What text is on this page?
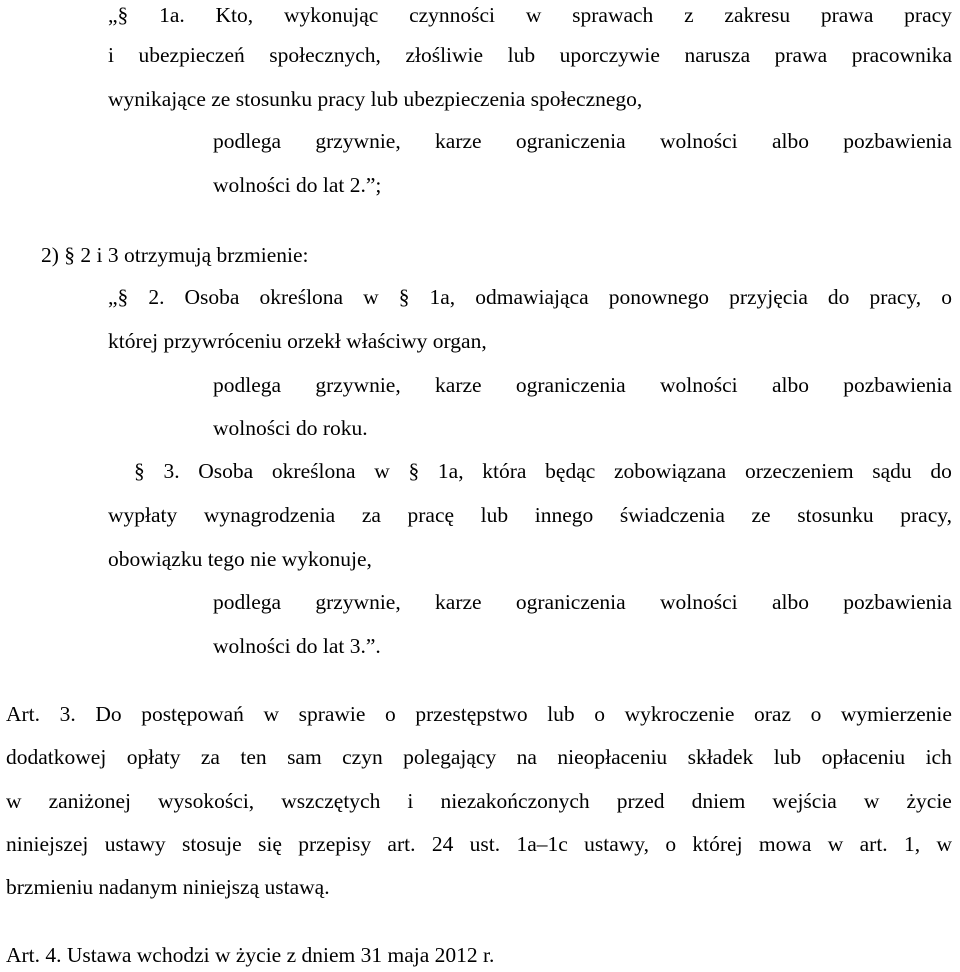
„§ 1a. Kto, wykonując czynności w sprawach z zakresu prawa pracy
i ubezpieczeń społecznych, złośliwie lub uporczywie narusza prawa pracownika
wynikające ze stosunku pracy lub ubezpieczenia społecznego,
podlega grzywnie, karze ograniczenia wolności albo pozbawienia
wolności do lat 2.”;
2) § 2 i 3 otrzymują brzmienie:
„§ 2. Osoba określona w § 1a, odmawiająca ponownego przyjęcia do pracy, o
której przywróceniu orzekł właściwy organ,
podlega grzywnie, karze ograniczenia wolności albo pozbawienia
wolności do roku.
§ 3. Osoba określona w § 1a, która będąc zobowiązana orzeczeniem sądu do
wypłaty wynagrodzenia za pracę lub innego świadczenia ze stosunku pracy,
obowiązku tego nie wykonuje,
podlega grzywnie, karze ograniczenia wolności albo pozbawienia
wolności do lat 3.”.
Art. 3. Do postępowań w sprawie o przestępstwo lub o wykroczenie oraz o wymierzenie
dodatkowej opłaty za ten sam czyn polegający na nieopłaceniu składek lub opłaceniu ich
w zaniżonej wysokości, wszczętych i niezakończonych przed dniem wejścia w życie
niniejszej ustawy stosuje się przepisy art. 24 ust. 1a–1c ustawy, o której mowa w art. 1, w
brzmieniu nadanym niniejszą ustawą.
Art. 4. Ustawa wchodzi w życie z dniem 31 maja 2012 r.
